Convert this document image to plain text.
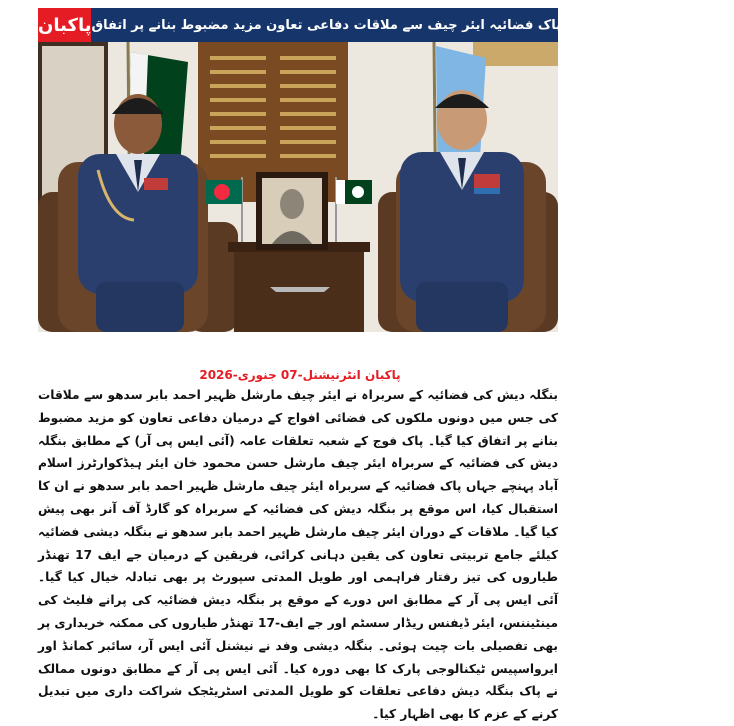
پاکبان بنگلہ دیشی ایئر چیف کی پاک فضائیہ ایئر چیف سے ملاقات دفاعی تعاون مزید مضبوط بنانے پر اتفاق
پاکبان انٹرنیشنل-07 جنوری-2026

بنگلہ دیش کی فضائیہ کے سربراہ نے ایئر چیف مارشل ظہیر احمد بابر سدھو سے ملاقات کی جس میں دونوں ملکوں کی فضائی افواج کے درمیان دفاعی تعاون کو مزید مضبوط بنانے پر اتفاق کیا گیا۔ پاک فوج کے شعبہ تعلقات عامہ (آئی ایس پی آر) کے مطابق بنگلہ دیش کی فضائیہ کے سربراہ ایئر چیف مارشل حسن محمود خان ایئر ہیڈکوارٹرز اسلام آباد پہنچے جہاں پاک فضائیہ کے سربراہ ایئر چیف مارشل ظہیر احمد بابر سدھو نے ان کا استقبال کیا، اس موقع پر بنگلہ دیش کی فضائیہ کے سربراہ کو گارڈ آف آنر بھی پیش کیا گیا۔ ملاقات کے دوران ایئر چیف مارشل ظہیر احمد بابر سدھو نے بنگلہ دیشی فضائیہ کیلئے جامع تربیتی تعاون کی یقین دہانی کرائی، فریقین کے درمیان جے ایف 17 تھنڈر طیاروں کی تیز رفتار فراہمی اور طویل المدتی سپورٹ پر بھی تبادلہ خیال کیا گیا۔ آئی ایس پی آر کے مطابق اس دورے کے موقع پر بنگلہ دیش فضائیہ کی پرانے فلیٹ کی مینٹیننس، ایئر ڈیفنس ریڈار سسٹم اور جے ایف-17 تھنڈر طیاروں کی ممکنہ خریداری پر بھی تفصیلی بات چیت ہوئی۔ بنگلہ دیشی وفد نے نیشنل آئی ایس آر، سائبر کمانڈ اور ایرواسپیس ٹیکنالوجی پارک کا بھی دورہ کیا۔ آئی ایس پی آر کے مطابق دونوں ممالک نے پاک بنگلہ دیش دفاعی تعلقات کو طویل المدتی اسٹریٹجک شراکت داری میں تبدیل کرنے کے عزم کا بھی اظہار کیا۔
